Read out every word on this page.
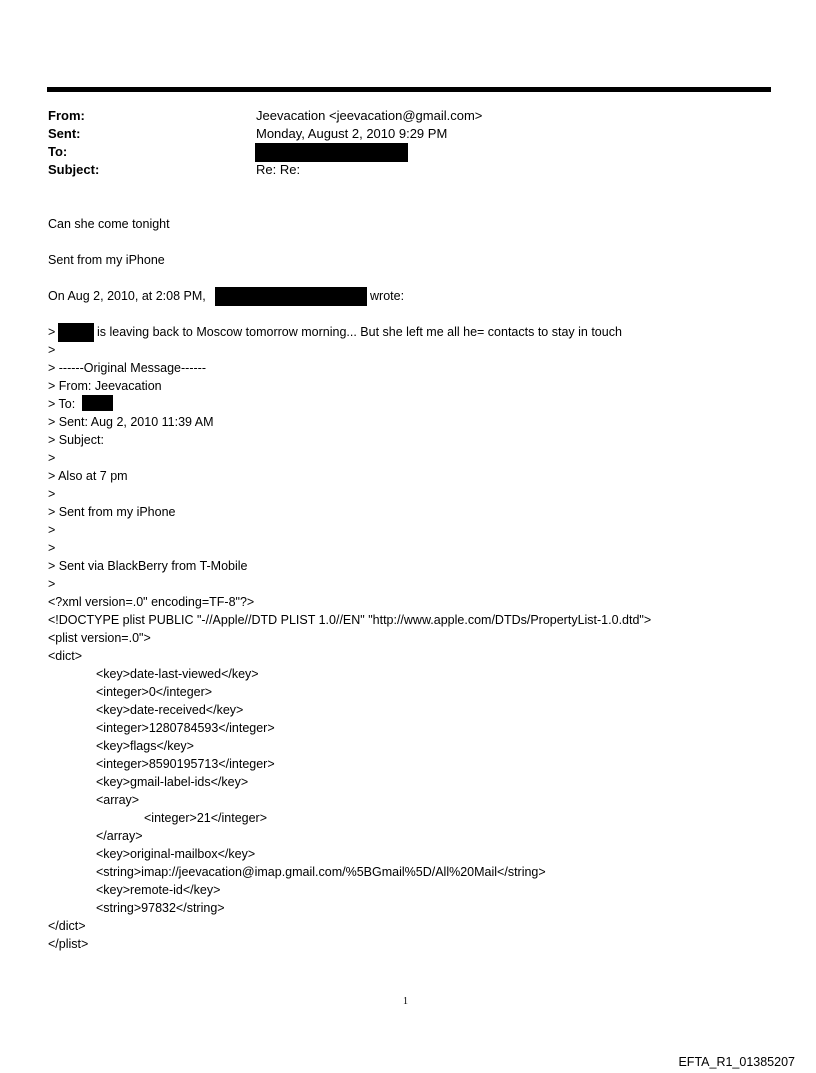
From:	Jeevacation <jeevacation@gmail.com>
Sent:	Monday, August 2, 2010 9:29 PM
To:
Subject:	Re: Re:
Can she come tonight
Sent from my iPhone
On Aug 2, 2010, at 2:08 PM,	wrote:
>	is leaving back to Moscow tomorrow morning... But she left me all he= contacts to stay in touch
>
> ------Original Message------
> From: Jeevacation
> To:
> Sent: Aug 2, 2010 11:39 AM
> Subject:
>
> Also at 7 pm
>
> Sent from my iPhone
>
>
> Sent via BlackBerry from T-Mobile
>
<?xml version=.0" encoding=TF-8"?>
<!DOCTYPE plist PUBLIC "-//Apple//DTD PLIST 1.0//EN" "http://www.apple.com/DTDs/PropertyList-1.0.dtd">
<plist version=.0">
<dict>
<key>date-last-viewed</key>
<integer>0</integer>
<key>date-received</key>
<integer>1280784593</integer>
<key>flags</key>
<integer>8590195713</integer>
<key>gmail-label-ids</key>
<array>
<integer>21</integer>
</array>
<key>original-mailbox</key>
<string>imap://jeevacation@imap.gmail.com/%5BGmail%5D/All%20Mail</string>
<key>remote-id</key>
<string>97832</string>
</dict>
</plist>
1
EFTA_R1_01385207
